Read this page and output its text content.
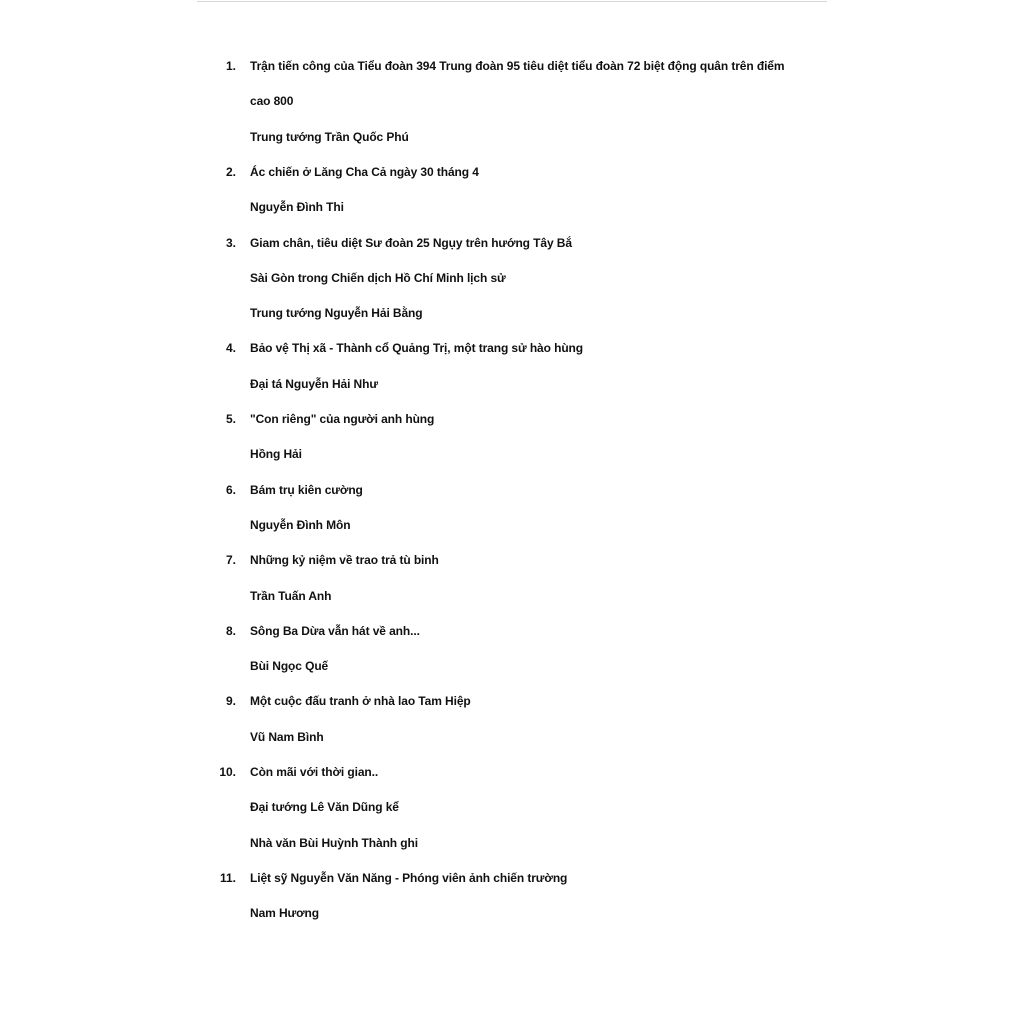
1. Trận tiến công của Tiểu đoàn 394 Trung đoàn 95 tiêu diệt tiểu đoàn 72 biệt động quân trên điểm
cao 800
Trung tướng Trần Quốc Phú
2. Ác chiến ở Lăng Cha Cả ngày 30 tháng 4
Nguyễn Đình Thi
3. Giam chân, tiêu diệt Sư đoàn 25 Ngụy trên hướng Tây Bắ
Sài Gòn trong Chiến dịch Hồ Chí Minh lịch sử
Trung tướng Nguyễn Hải Bằng
4. Bảo vệ Thị xã - Thành cổ Quảng Trị, một trang sử hào hùng
Đại tá Nguyễn Hải Như
5. "Con riêng" của người anh hùng
Hồng Hải
6. Bám trụ kiên cường
Nguyễn Đình Môn
7. Những kỷ niệm về trao trả tù binh
Trần Tuấn Anh
8. Sông Ba Dừa vẫn hát về anh...
Bùi Ngọc Quế
9. Một cuộc đấu tranh ở nhà lao Tam Hiệp
Vũ Nam Bình
10. Còn mãi với thời gian..
Đại tướng Lê Văn Dũng kể
Nhà văn Bùi Huỳnh Thành ghi
11. Liệt sỹ Nguyễn Văn Năng - Phóng viên ảnh chiến trường
Nam Hương
